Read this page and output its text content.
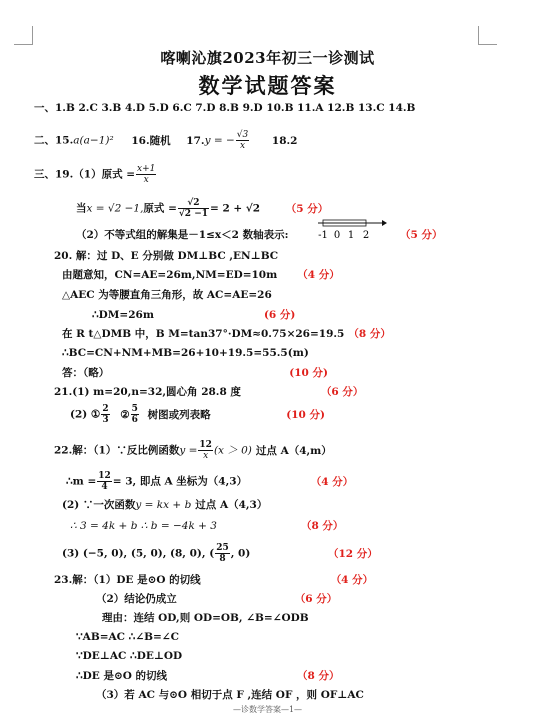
喀喇沁旗2023年初三一诊测试
数学试题答案
一、1.B 2.C 3.B 4.D 5.D 6.C 7.D 8.B 9.D 10.B 11.A 12.B 13.C 14.B
二、15.a(a−1)² 16.随机 17.y = − $\frac{√3}{x} 18.2$
三、19.（1）原式 = $\frac{x+1}{x}$
当x = √2 −1,原式 = $\frac{√2}{√2 -1} = 2 + √2$ （5 分）
（2）不等式组的解集是－1≤x＜2 数轴表示:	-1 0 1 2	（5 分）
20. 解：过 D、E 分别做 DM⊥BC ,EN⊥BC
由题意知，CN=AE=26m,NM=ED=10m （4 分）
△AEC 为等腰直角三角形，故 AC=AE=26
∴DM=26m	(6 分)
在 R t△DMB 中，B M=tan37°·DM≈0.75×26=19.5 （8 分）
∴BC=CN+NM+MB=26+10+19.5=55.5(m)
答：（略）	(10 分)
21.(1) m=20,n=32,圆心角 28.8 度	（6 分）
(2) ① $\frac{2}{3}$ ② $\frac{5}{6}$ 树图或列表略	(10 分)
22.解：（1）∵反比例函数$y = \frac{12}{x} (x > 0)$ 过点 A（4,m）
∴m = $\frac{12}{4} = 3$, 即点 A 坐标为（4,3）	（4 分）
(2) ∵一次函数y = kx + b 过点 A（4,3）
∴ 3 = 4k + b ∴ b = −4k + 3	（8 分）
(3) (−5, 0), (5, 0), (8, 0), ( $\frac{25}{8}$ , 0)	（12 分）
23.解：（1）DE 是⊙O 的切线	（4 分）
（2）结论仍成立	（6 分）
理由：连结 OD,则 OD=OB, ∠B=∠ODB
∵AB=AC ∴∠B=∠C
∵DE⊥AC ∴DE⊥OD
∴DE 是⊙O 的切线	（8 分）
（3）若 AC 与⊙O 相切于点 F ,连结 OF ，则 OF⊥AC
—诊数学答案—1—
